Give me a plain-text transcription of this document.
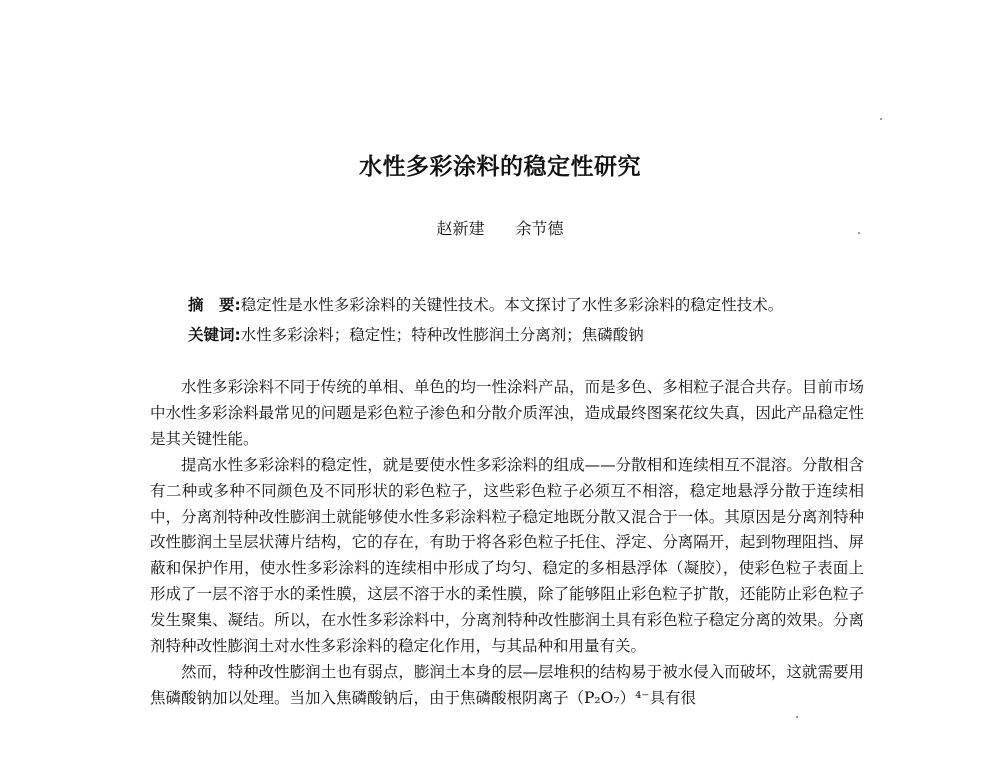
水性多彩涂料的稳定性研究
赵新建 余节德
摘　要:稳定性是水性多彩涂料的关键性技术。本文探讨了水性多彩涂料的稳定性技术。
关键词:水性多彩涂料；稳定性；特种改性膨润土分离剂；焦磷酸钠

水性多彩涂料不同于传统的单相、单色的均一性涂料产品，而是多色、多相粒子混合共存。目前市场中水性多彩涂料最常见的问题是彩色粒子渗色和分散介质浑浊，造成最终图案花纹失真，因此产品稳定性是其关键性能。

提高水性多彩涂料的稳定性，就是要使水性多彩涂料的组成——分散相和连续相互不混溶。分散相含有二种或多种不同颜色及不同形状的彩色粒子，这些彩色粒子必须互不相溶，稳定地悬浮分散于连续相中，分离剂特种改性膨润土就能够使水性多彩涂料粒子稳定地既分散又混合于一体。其原因是分离剂特种改性膨润土呈层状薄片结构，它的存在，有助于将各彩色粒子托住、浮定、分离隔开，起到物理阻挡、屏蔽和保护作用，使水性多彩涂料的连续相中形成了均匀、稳定的多相悬浮体（凝胶），使彩色粒子表面上形成了一层不溶于水的柔性膜，这层不溶于水的柔性膜，除了能够阻止彩色粒子扩散，还能防止彩色粒子发生聚集、凝结。所以，在水性多彩涂料中，分离剂特种改性膨润土具有彩色粒子稳定分离的效果。分离剂特种改性膨润土对水性多彩涂料的稳定化作用，与其品种和用量有关。

然而，特种改性膨润土也有弱点，膨润土本身的层—层堆积的结构易于被水侵入而破坏，这就需要用焦磷酸钠加以处理。当加入焦磷酸钠后，由于焦磷酸根阴离子（P₂O₇）⁴⁻具有很
